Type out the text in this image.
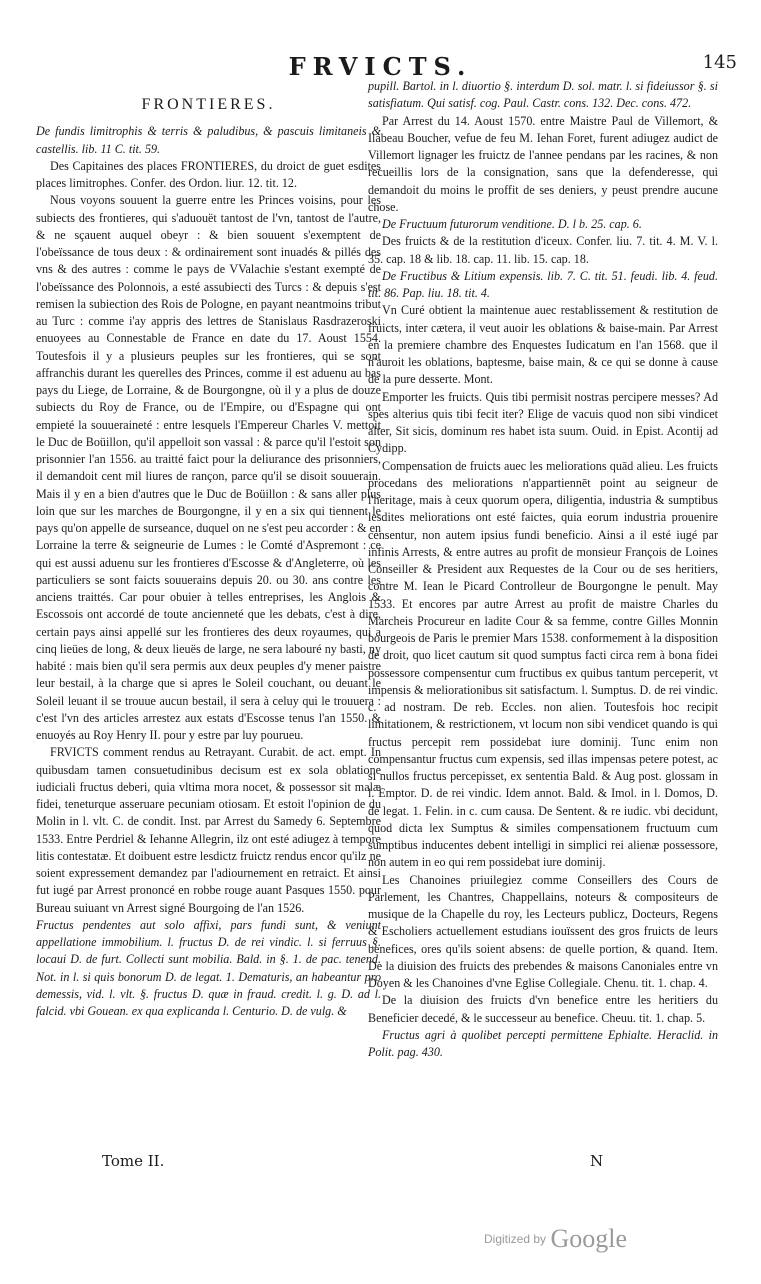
FRVICTS.	145

FRONTIERES.

De fundis limitrophis & terris & paludibus, & pascuis limitaneis & castellis. lib. 11 C. tit. 59.

Des Capitaines des places FRONTIERES, du droict de guet esdites places limitrophes. Confer. des Ordon. liur. 12. tit. 12.

Nous voyons souuent la guerre entre les Princes voisins, pour les subiects des frontieres, qui s'aduouët tantost de l'vn, tantost de l'autre, & ne sçauent auquel obeyr : & bien souuent s'exemptent de l'obeïssance de tous deux : & ordinairement sont inuadés & pillés des vns & des autres : comme le pays de VValachie s'estant exempté de l'obeïssance des Polonnois, a esté assubiecti des Turcs : & depuis s'est remisen la subiection des Rois de Pologne, en payant neantmoins tribut au Turc : comme i'ay appris des lettres de Stanislaus Rasdrazeroski enuoyees au Connestable de France en date du 17. Aoust 1554. Toutesfois il y a plusieurs peuples sur les frontieres, qui se sont affranchis durant les querelles des Princes, comme il est aduenu au bas pays du Liege, de Lorraine, & de Bourgongne, où il y a plus de douze subiects du Roy de France, ou de l'Empire, ou d'Espagne qui ont empieté la souueraineté : entre lesquels l'Empereur Charles V. mettoit le Duc de Boüillon, qu'il appelloit son vassal : & parce qu'il l'estoit son prisonnier l'an 1556. au traitté faict pour la deliurance des prisonniers, il demandoit cent mil liures de rançon, parce qu'il se disoit souuerain. Mais il y en a bien d'autres que le Duc de Boüillon : & sans aller plus loin que sur les marches de Bourgongne, il y en a six qui tiennent le pays qu'on appelle de surseance, duquel on ne s'est peu accorder : & en Lorraine la terre & seigneurie de Lumes : le Comté d'Aspremont : ce qui est aussi aduenu sur les frontieres d'Escosse & d'Angleterre, où les particuliers se sont faicts souuerains depuis 20. ou 30. ans contre les anciens traittés. Car pour obuier à telles entreprises, les Anglois & Escossois ont accordé de toute ancienneté que les debats, c'est à dire, certain pays ainsi appellé sur les frontieres des deux royaumes, qui a cinq lieües de long, & deux lieuës de large, ne sera labouré ny basti, ny habité : mais bien qu'il sera permis aux deux peuples d'y mener paistre leur bestail, à la charge que si apres le Soleil couchant, ou deuant le Soleil leuant il se trouue aucun bestail, il sera à celuy qui le trouuera : c'est l'vn des articles arrestez aux estats d'Escosse tenus l'an 1550. & enuoyés au Roy Henry II. pour y estre par luy pourueu.

FRVICTS comment rendus au Retrayant. Curabit. de act. empt. In quibusdam tamen consuetudinibus decisum est ex sola oblatione iudiciali fructus deberi, quia vltima mora nocet, & possessor sit malæ fidei, teneturque asseruare pecuniam otiosam. Et estoit l'opinion de du Molin in l. vlt. C. de condit. Inst. par Arrest du Samedy 6. Septembre 1533. Entre Perdriel & Iehanne Allegrin, ilz ont esté adiugez à tempore litis contestatæ. Et doibuent estre lesdictz fruictz rendus encor qu'ilz ne soient expressement demandez par l'adiournement en retraict. Et ainsi fut iugé par Arrest prononcé en robbe rouge auant Pasques 1550. pour Bureau suiuant vn Arrest signé Bourgoing de l'an 1526.

Fructus pendentes aut solo affixi, pars fundi sunt, & veniunt appellatione immobilium. l. fructus D. de rei vindic. l. si ferruus §. locaui D. de furt. Collecti sunt mobilia. Bald. in §. 1. de pac. tenend. Not. in l. si quis bonorum D. de legat. 1. Dematuris, an habeantur pro demessis, vid. l. vlt. §. fructus D. quæ in fraud. credit. l. g. D. ad l. falcid. vbi Gouean. ex qua explicanda l. Centurio. D. de vulg. &

pupill. Bartol. in l. diuortio §. interdum D. sol. matr. l. si fideiussor §. si satisfiatum. Qui satisf. cog. Paul. Castr. cons. 132. Dec. cons. 472.

Par Arrest du 14. Aoust 1570. entre Maistre Paul de Villemort, & Ilabeau Boucher, vefue de feu M. Iehan Foret, furent adiugez audict de Villemort lignager les fruictz de l'annee pendans par les racines, & non recueillis lors de la consignation, sans que la defenderesse, qui demandoit du moins le proffit de ses deniers, y peust prendre aucune chose.

De Fructuum futurorum venditione. D. l b. 25. cap. 6.

Des fruicts & de la restitution d'iceux. Confer. liu. 7. tit. 4. M. V. l. 35. cap. 18 & lib. 18. cap. 11. lib. 15. cap. 18.

De Fructibus & Litium expensis. lib. 7. C. tit. 51. feudi. lib. 4. feud. tit. 86. Pap. liu. 18. tit. 4.

Vn Curé obtient la maintenue auec restablissement & restitution de fruicts, inter cætera, il veut auoir les oblations & baise-main. Par Arrest en la premiere chambre des Enquestes Iudicatum en l'an 1568. que il n'auroit les oblations, baptesme, baise main, & ce qui se donne à cause de la pure desserte. Mont.

Emporter les fruicts. Quis tibi permisit nostras percipere messes? Ad spes alterius quis tibi fecit iter? Elige de vacuis quod non sibi vindicet alter, Sit sicis, dominum res habet ista suum. Ouid. in Epist. Acontij ad Cydipp.

Compensation de fruicts auec les meliorations quād alieu. Les fruicts procedans des meliorations n'appartiennēt point au seigneur de l'heritage, mais à ceux quorum opera, diligentia, industria & sumptibus lesdites meliorations ont esté faictes, quia eorum industria prouenire censentur, non autem ipsius fundi beneficio. Ainsi a il esté iugé par infinis Arrests, & entre autres au profit de monsieur François de Loines Conseiller & President aux Requestes de la Cour ou de ses heritiers, contre M. Iean le Picard Controlleur de Bourgongne le penult. May 1533. Et encores par autre Arrest au profit de maistre Charles du Marcheis Procureur en ladite Cour & sa femme, contre Gilles Monnin bourgeois de Paris le premier Mars 1538. conformement à la disposition de droit, quo licet cautum sit quod sumptus facti circa rem à bona fidei possessore compensentur cum fructibus ex quibus tantum perceperit, vt impensis & meliorationibus sit satisfactum. l. Sumptus. D. de rei vindic. c. ad nostram. De reb. Eccles. non alien. Toutesfois hoc recipit limitationem, & restrictionem, vt locum non sibi vendicet quando is qui fructus percepit rem possidebat iure dominij. Tunc enim non compensantur fructus cum expensis, sed illas impensas petere potest, ac si nullos fructus percepisset, ex sententia Bald. & Aug post. glossam in l. Emptor. D. de rei vindic. Idem annot. Bald. & Imol. in l. Domos, D. de legat. 1. Felin. in c. cum causa. De Sentent. & re iudic. vbi decidunt, quod dicta lex Sumptus & similes compensationem fructuum cum sumptibus inducentes debent intelligi in simplici rei alienæ possessore, non autem in eo qui rem possidebat iure dominij.

Les Chanoines priuilegiez comme Conseillers des Cours de Parlement, les Chantres, Chappellains, noteurs & compositeurs de musique de la Chapelle du roy, les Lecteurs publicz, Docteurs, Regens & Escholiers actuellement estudians iouïssent des gros fruicts de leurs benefices, ores qu'ils soient absens: de quelle portion, & quand. Item. De la diuision des fruicts des prebendes & maisons Canoniales entre vn Doyen & les Chanoines d'vne Eglise Collegiale. Chenu. tit. 1. chap. 4.

De la diuision des fruicts d'vn benefice entre les heritiers du Beneficier decedé, & le successeur au benefice. Cheuu. tit. 1. chap. 5.

Fructus agri à quolibet percepti permittene Ephialte. Heraclid. in Polit. pag. 430.

Tome II.	N
Digitized by Google
